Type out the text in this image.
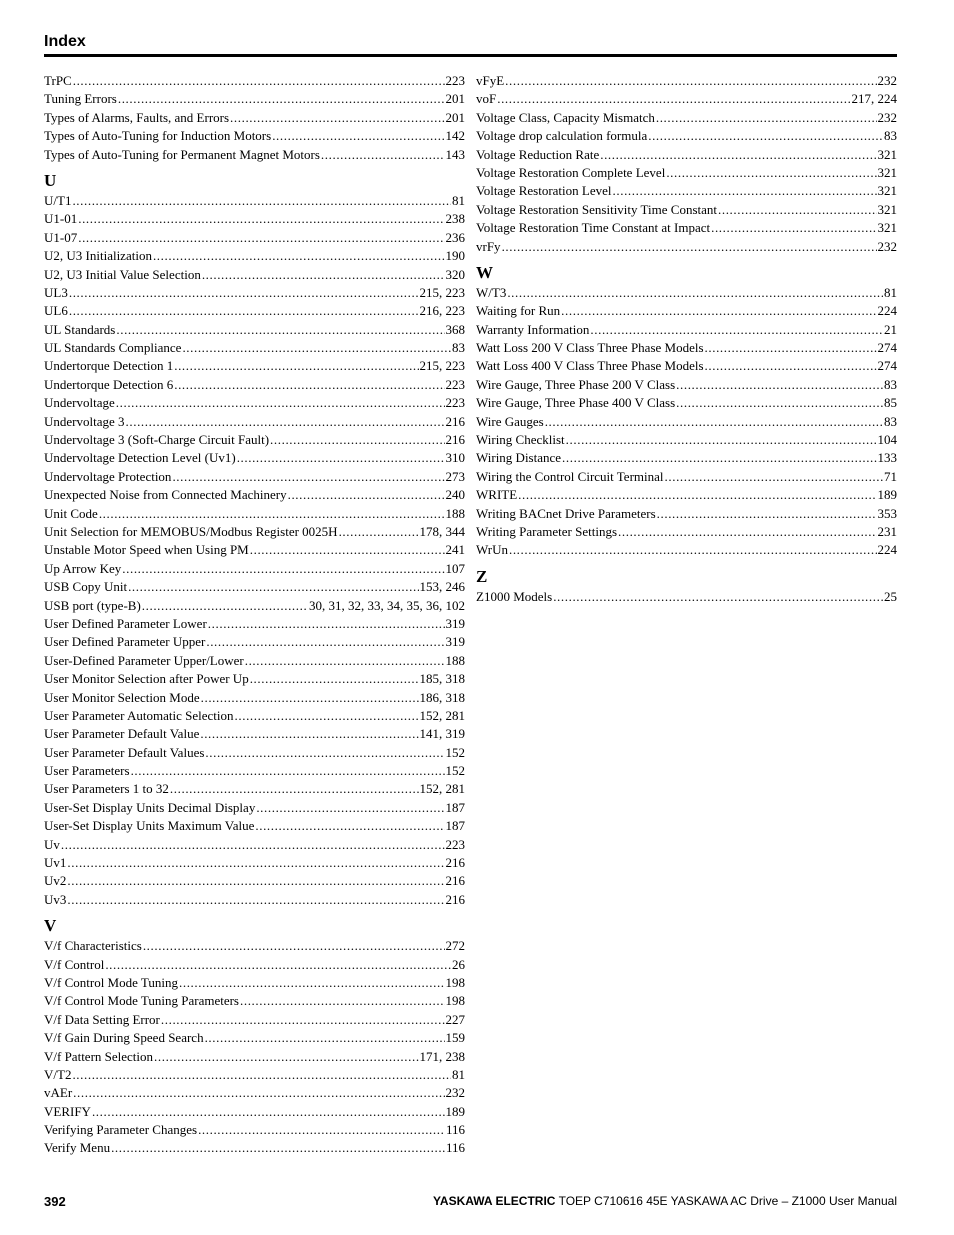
Index
TrPC .....	223
Tuning Errors .....	201
Types of Alarms, Faults, and Errors .....	201
Types of Auto-Tuning for Induction Motors .....	142
Types of Auto-Tuning for Permanent Magnet Motors .....	143
U
U/T1 .....	81
U1-01 .....	238
U1-07 .....	236
U2, U3 Initialization .....	190
U2, U3 Initial Value Selection .....	320
UL3 .....	215, 223
UL6 .....	216, 223
UL Standards .....	368
UL Standards Compliance .....	83
Undertorque Detection 1 .....	215, 223
Undertorque Detection 6 .....	223
Undervoltage .....	223
Undervoltage 3 .....	216
Undervoltage 3 (Soft-Charge Circuit Fault) .....	216
Undervoltage Detection Level (Uv1) .....	310
Undervoltage Protection .....	273
Unexpected Noise from Connected Machinery .....	240
Unit Code .....	188
Unit Selection for MEMOBUS/Modbus Register 0025H .....	178, 344
Unstable Motor Speed when Using PM .....	241
Up Arrow Key .....	107
USB Copy Unit .....	153, 246
USB port (type-B) .....	30, 31, 32, 33, 34, 35, 36, 102
User Defined Parameter Lower .....	319
User Defined Parameter Upper .....	319
User-Defined Parameter Upper/Lower .....	188
User Monitor Selection after Power Up .....	185, 318
User Monitor Selection Mode .....	186, 318
User Parameter Automatic Selection .....	152, 281
User Parameter Default Value .....	141, 319
User Parameter Default Values .....	152
User Parameters .....	152
User Parameters 1 to 32 .....	152, 281
User-Set Display Units Decimal Display .....	187
User-Set Display Units Maximum Value .....	187
Uv .....	223
Uv1 .....	216
Uv2 .....	216
Uv3 .....	216
V
V/f Characteristics .....	272
V/f Control .....	26
V/f Control Mode Tuning .....	198
V/f Control Mode Tuning Parameters .....	198
V/f Data Setting Error .....	227
V/f Gain During Speed Search .....	159
V/f Pattern Selection .....	171, 238
V/T2 .....	81
vAEr .....	232
VERIFY .....	189
Verifying Parameter Changes .....	116
Verify Menu .....	116
vFyE .....	232
voF .....	217, 224
Voltage Class, Capacity Mismatch .....	232
Voltage drop calculation formula .....	83
Voltage Reduction Rate .....	321
Voltage Restoration Complete Level .....	321
Voltage Restoration Level .....	321
Voltage Restoration Sensitivity Time Constant .....	321
Voltage Restoration Time Constant at Impact .....	321
vrFy .....	232
W
W/T3 .....	81
Waiting for Run .....	224
Warranty Information .....	21
Watt Loss 200 V Class Three Phase Models .....	274
Watt Loss 400 V Class Three Phase Models .....	274
Wire Gauge, Three Phase 200 V Class .....	83
Wire Gauge, Three Phase 400 V Class .....	85
Wire Gauges .....	83
Wiring Checklist .....	104
Wiring Distance .....	133
Wiring the Control Circuit Terminal .....	71
WRITE .....	189
Writing BACnet Drive Parameters .....	353
Writing Parameter Settings .....	231
WrUn .....	224
Z
Z1000 Models .....	25
392	YASKAWA ELECTRIC TOEP C710616 45E YASKAWA AC Drive – Z1000 User Manual
